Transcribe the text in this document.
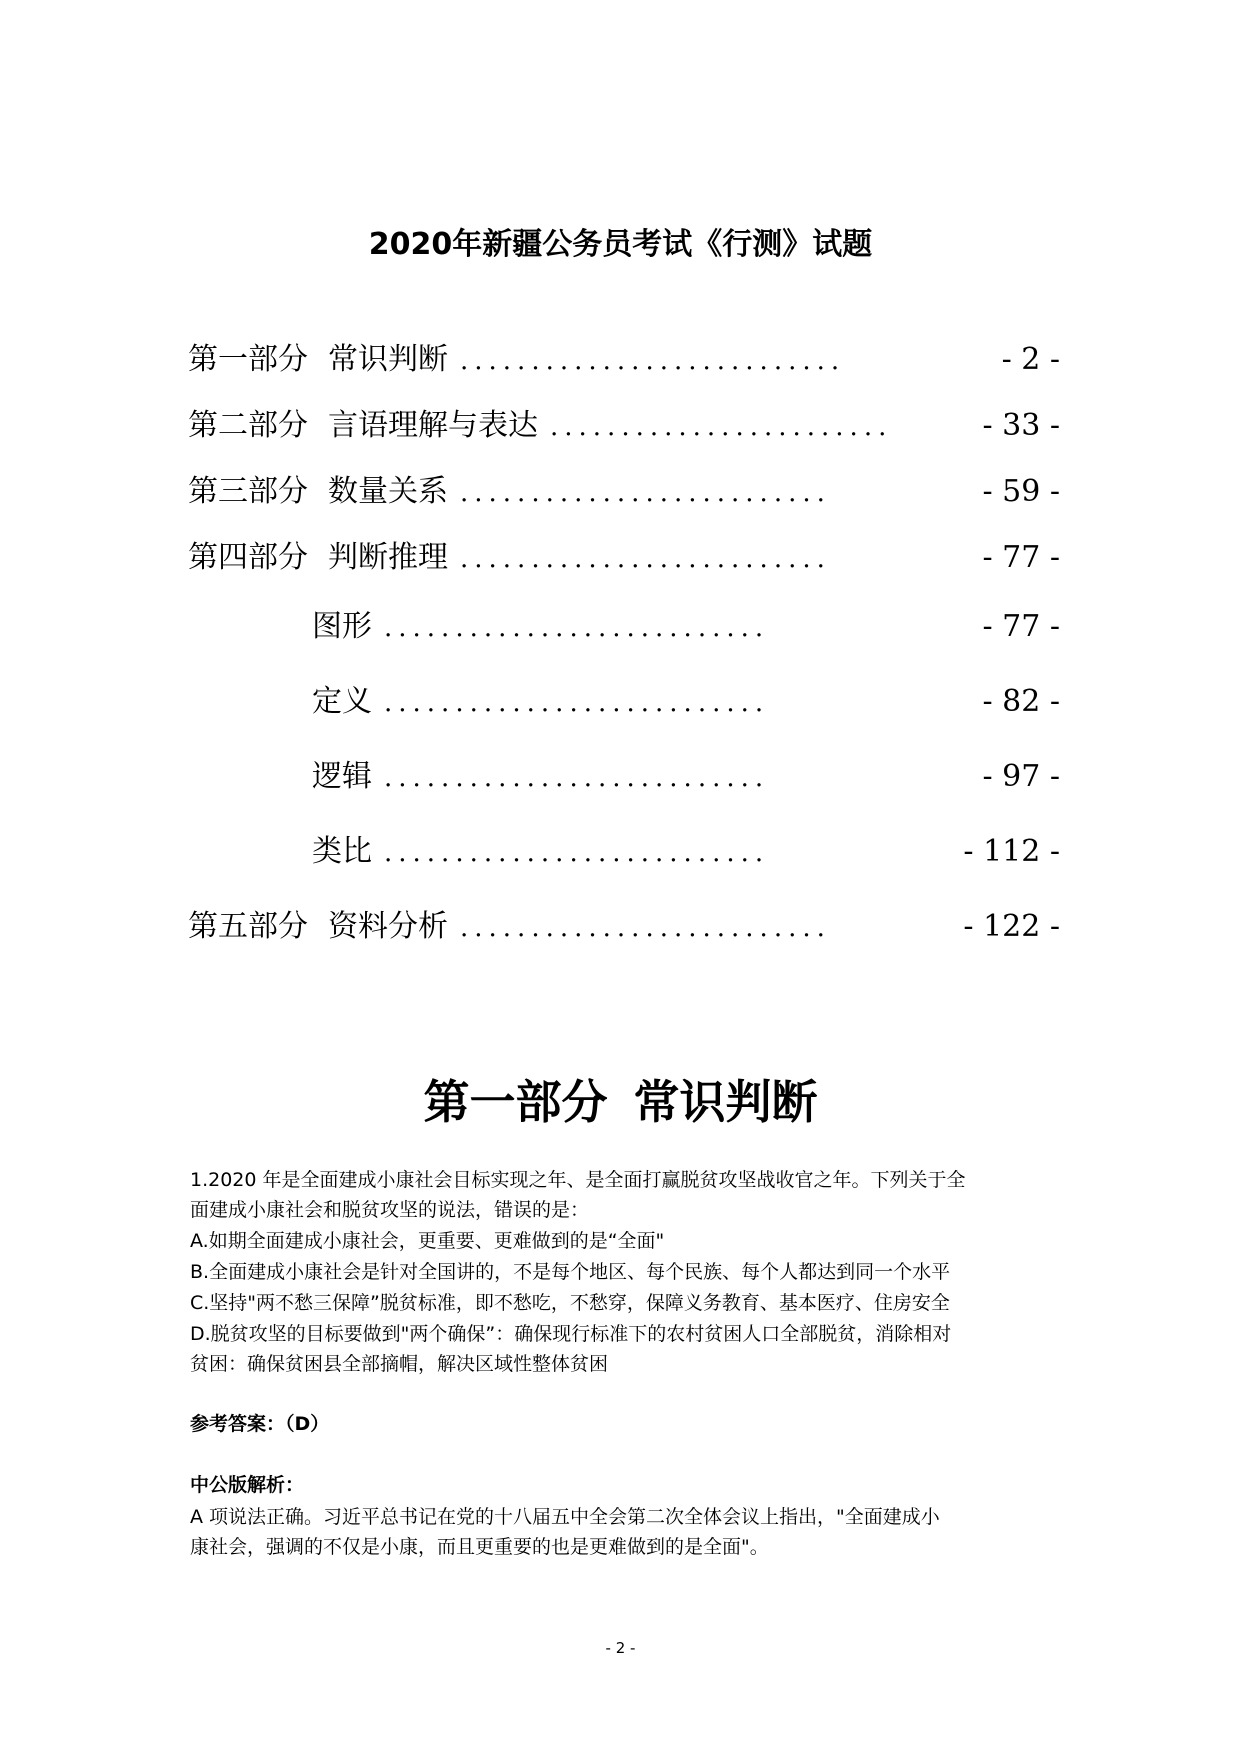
2020年新疆公务员考试《行测》试题
第一部分 常识判断 ...........................	- 2 -
第二部分 言语理解与表达 ........................	- 33 -
第三部分 数量关系 ..........................	- 59 -
第四部分 判断推理 ..........................	- 77 -
图形 ...........................	- 77 -
定义 ...........................	- 82 -
逻辑 ...........................	- 97 -
类比 ...........................	- 112 -
第五部分 资料分析 ..........................	- 122 -
第一部分 常识判断
1.2020 年是全面建成小康社会目标实现之年、是全面打赢脱贫攻坚战收官之年。下列关于全
面建成小康社会和脱贫攻坚的说法，错误的是：
A.如期全面建成小康社会，更重要、更难做到的是“全面"
B.全面建成小康社会是针对全国讲的，不是每个地区、每个民族、每个人都达到同一个水平
C.坚持"两不愁三保障”脱贫标准，即不愁吃，不愁穿，保障义务教育、基本医疗、住房安全
D.脱贫攻坚的目标要做到"两个确保”：确保现行标准下的农村贫困人口全部脱贫，消除相对
贫困：确保贫困县全部摘帽，解决区域性整体贫困
参考答案：（D）
中公版解析：
A 项说法正确。习近平总书记在党的十八届五中全会第二次全体会议上指出，"全面建成小
康社会，强调的不仅是小康，而且更重要的也是更难做到的是全面"。
- 2 -
